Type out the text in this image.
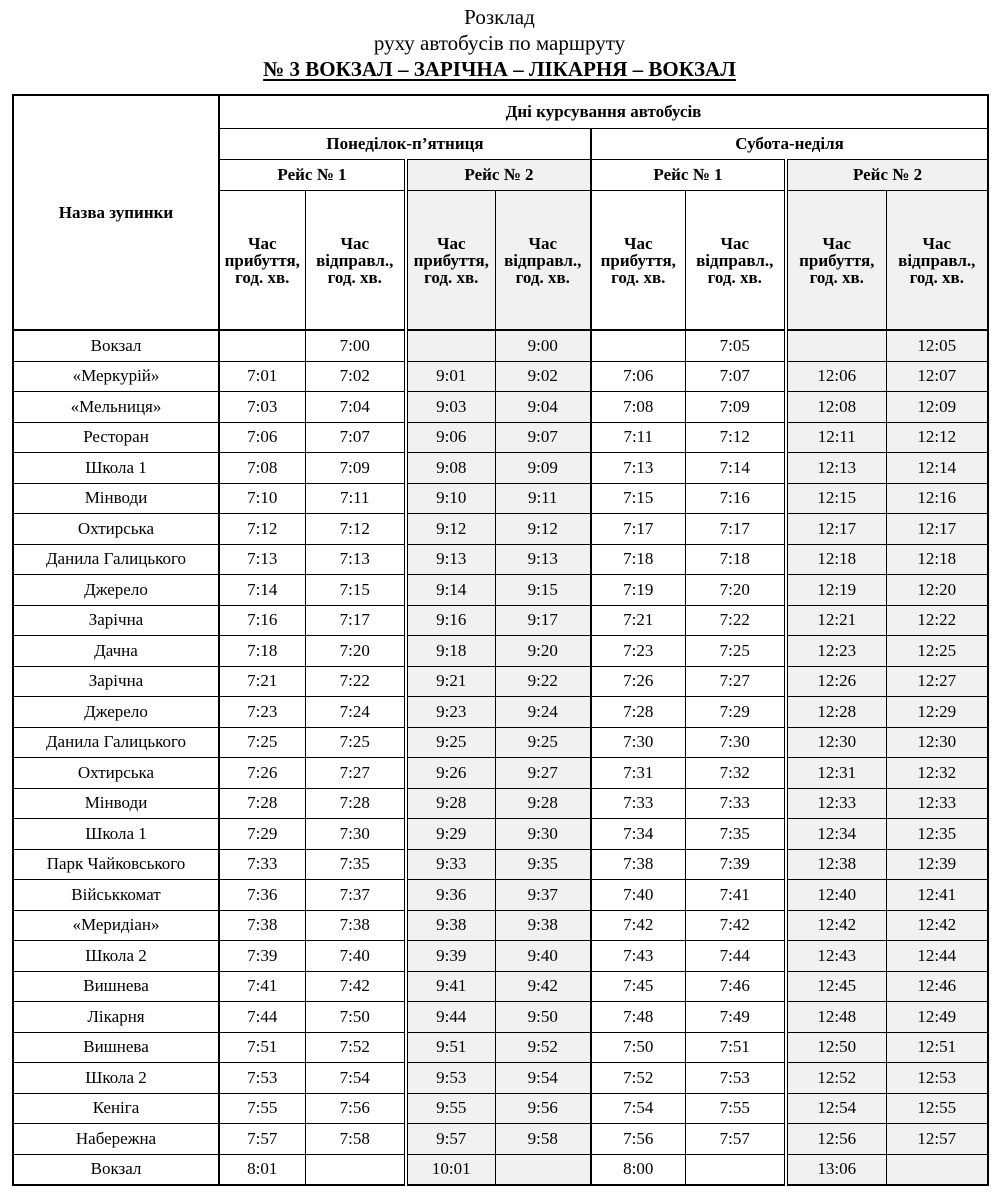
Розклад
руху автобусів по маршруту
№ 3 ВОКЗАЛ – ЗАРІЧНА – ЛІКАРНЯ – ВОКЗАЛ
Назва зупинки	Дні курсування автобусів							
	Понеділок-п’ятниця				Субота-неділя			
	Рейс № 1		Рейс № 2		Рейс № 1		Рейс № 2	

	Час
прибуття,
год. хв.	Час
відправл.,
год. хв.	Час
прибуття,
год. хв.	Час
відправл.,
год. хв.	Час
прибуття,
год. хв.	Час
відправл.,
год. хв.	Час
прибуття,
год. хв.	Час
відправл.,
год. хв.

Вокзал		7:00		9:00		7:05		12:05
«Меркурій»	7:01	7:02	9:01	9:02	7:06	7:07	12:06	12:07
«Мельниця»	7:03	7:04	9:03	9:04	7:08	7:09	12:08	12:09
Ресторан	7:06	7:07	9:06	9:07	7:11	7:12	12:11	12:12
Школа 1	7:08	7:09	9:08	9:09	7:13	7:14	12:13	12:14
Мінводи	7:10	7:11	9:10	9:11	7:15	7:16	12:15	12:16
Охтирська	7:12	7:12	9:12	9:12	7:17	7:17	12:17	12:17
Данила Галицького	7:13	7:13	9:13	9:13	7:18	7:18	12:18	12:18
Джерело	7:14	7:15	9:14	9:15	7:19	7:20	12:19	12:20
Зарічна	7:16	7:17	9:16	9:17	7:21	7:22	12:21	12:22
Дачна	7:18	7:20	9:18	9:20	7:23	7:25	12:23	12:25
Зарічна	7:21	7:22	9:21	9:22	7:26	7:27	12:26	12:27
Джерело	7:23	7:24	9:23	9:24	7:28	7:29	12:28	12:29
Данила Галицького	7:25	7:25	9:25	9:25	7:30	7:30	12:30	12:30
Охтирська	7:26	7:27	9:26	9:27	7:31	7:32	12:31	12:32
Мінводи	7:28	7:28	9:28	9:28	7:33	7:33	12:33	12:33
Школа 1	7:29	7:30	9:29	9:30	7:34	7:35	12:34	12:35
Парк Чайковського	7:33	7:35	9:33	9:35	7:38	7:39	12:38	12:39
Військкомат	7:36	7:37	9:36	9:37	7:40	7:41	12:40	12:41
«Меридіан»	7:38	7:38	9:38	9:38	7:42	7:42	12:42	12:42
Школа 2	7:39	7:40	9:39	9:40	7:43	7:44	12:43	12:44
Вишнева	7:41	7:42	9:41	9:42	7:45	7:46	12:45	12:46
Лікарня	7:44	7:50	9:44	9:50	7:48	7:49	12:48	12:49
Вишнева	7:51	7:52	9:51	9:52	7:50	7:51	12:50	12:51
Школа 2	7:53	7:54	9:53	9:54	7:52	7:53	12:52	12:53
Кеніга	7:55	7:56	9:55	9:56	7:54	7:55	12:54	12:55
Набережна	7:57	7:58	9:57	9:58	7:56	7:57	12:56	12:57
Вокзал	8:01		10:01		8:00		13:06	
